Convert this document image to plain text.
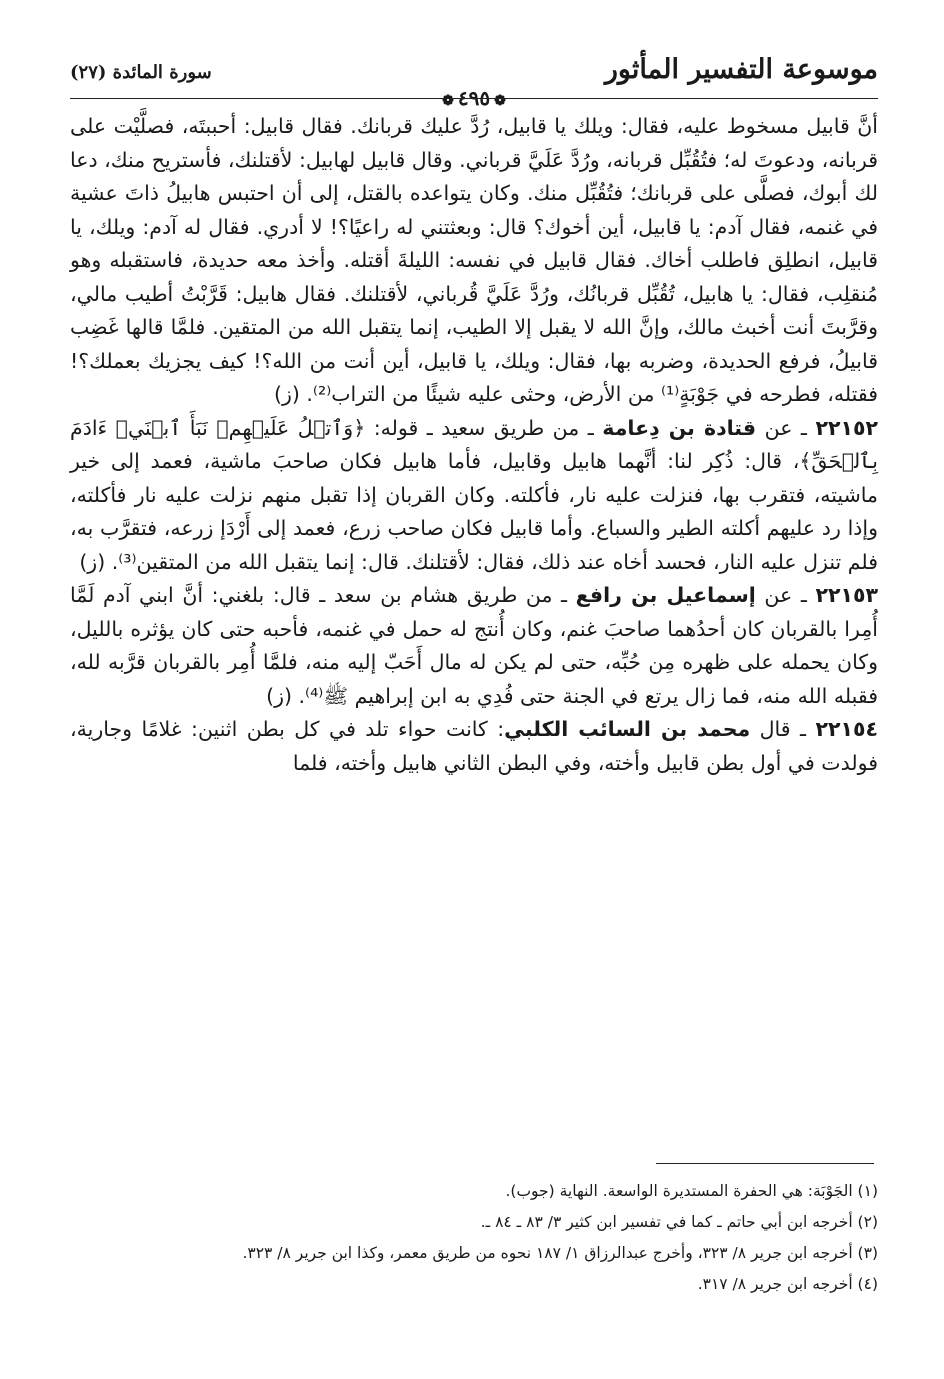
موسوعة التفسير المأثور
سورة المائدة (٢٧)
❁٤٩٥❁

أنَّ قابيل مسخوط عليه، فقال: ويلك يا قابيل، رُدَّ عليك قربانك. فقال قابيل: أحببتَه، فصلَّيْت على قربانه، ودعوتَ له؛ فتُقُبِّل قربانه، ورُدَّ عَلَيَّ قرباني. وقال قابيل لهابيل: لأقتلنك، فأستريح منك، دعا لك أبوك، فصلَّى على قربانك؛ فتُقُبِّل منك. وكان يتواعده بالقتل، إلى أن احتبس هابيلُ ذاتَ عشية في غنمه، فقال آدم: يا قابيل، أين أخوك؟ قال: وبعثتني له راعيًا؟! لا أدري. فقال له آدم: ويلك، يا قابيل، انطلِق فاطلب أخاك. فقال قابيل في نفسه: الليلةَ أقتله. وأخذ معه حديدة، فاستقبله وهو مُنقلِب، فقال: يا هابيل، تُقُبِّل قربانُك، ورُدَّ عَلَيَّ قُرباني، لأقتلنك. فقال هابيل: قَرَّبْتُ أطيب مالي، وقرَّبتَ أنت أخبث مالك، وإنَّ الله لا يقبل إلا الطيب، إنما يتقبل الله من المتقين. فلمَّا قالها غَضِب قابيلُ، فرفع الحديدة، وضربه بها، فقال: ويلك، يا قابيل، أين أنت من الله؟! كيف يجزيك بعملك؟! فقتله، فطرحه في جَوْبَةٍ⁽¹⁾ من الأرض، وحثى عليه شيئًا من التراب⁽²⁾. (ز)

٢٢١٥٢ ـ عن قتادة بن دِعامة ـ من طريق سعيد ـ قوله: ﴿وَٱتۡلُ عَلَيۡهِمۡ نَبَأَ ٱبۡنَيۡ ءَادَمَ بِٱلۡحَقِّ﴾، قال: ذُكِر لنا: أنَّهما هابيل وقابيل، فأما هابيل فكان صاحبَ ماشية، فعمد إلى خير ماشيته، فتقرب بها، فنزلت عليه نار، فأكلته. وكان القربان إذا تقبل منهم نزلت عليه نار فأكلته، وإذا رد عليهم أكلته الطير والسباع. وأما قابيل فكان صاحب زرع، فعمد إلى أَرْدَإ زرعه، فتقرَّب به، فلم تنزل عليه النار، فحسد أخاه عند ذلك، فقال: لأقتلنك. قال: إنما يتقبل الله من المتقين⁽³⁾. (ز)

٢٢١٥٣ ـ عن إسماعيل بن رافع ـ من طريق هشام بن سعد ـ قال: بلغني: أنَّ ابني آدم لَمَّا أُمِرا بالقربان كان أحدُهما صاحبَ غنم، وكان أُنتج له حمل في غنمه، فأحبه حتى كان يؤثره بالليل، وكان يحمله على ظهره مِن حُبِّه، حتى لم يكن له مال أَحَبّ إليه منه، فلمَّا أُمِر بالقربان قرَّبه لله، فقبله الله منه، فما زال يرتع في الجنة حتى فُدِي به ابن إبراهيم ﷺ⁽⁴⁾. (ز)

٢٢١٥٤ ـ قال محمد بن السائب الكلبي: كانت حواء تلد في كل بطن اثنين: غلامًا وجارية، فولدت في أول بطن قابيل وأخته، وفي البطن الثاني هابيل وأخته، فلما

(١) الجَوْبَة: هي الحفرة المستديرة الواسعة. النهاية (جوب).
(٢) أخرجه ابن أبي حاتم ـ كما في تفسير ابن كثير ٣/ ٨٣ ـ ٨٤ ـ.
(٣) أخرجه ابن جرير ٨/ ٣٢٣، وأخرج عبدالرزاق ١/ ١٨٧ نحوه من طريق معمر، وكذا ابن جرير ٨/ ٣٢٣.
(٤) أخرجه ابن جرير ٨/ ٣١٧.
